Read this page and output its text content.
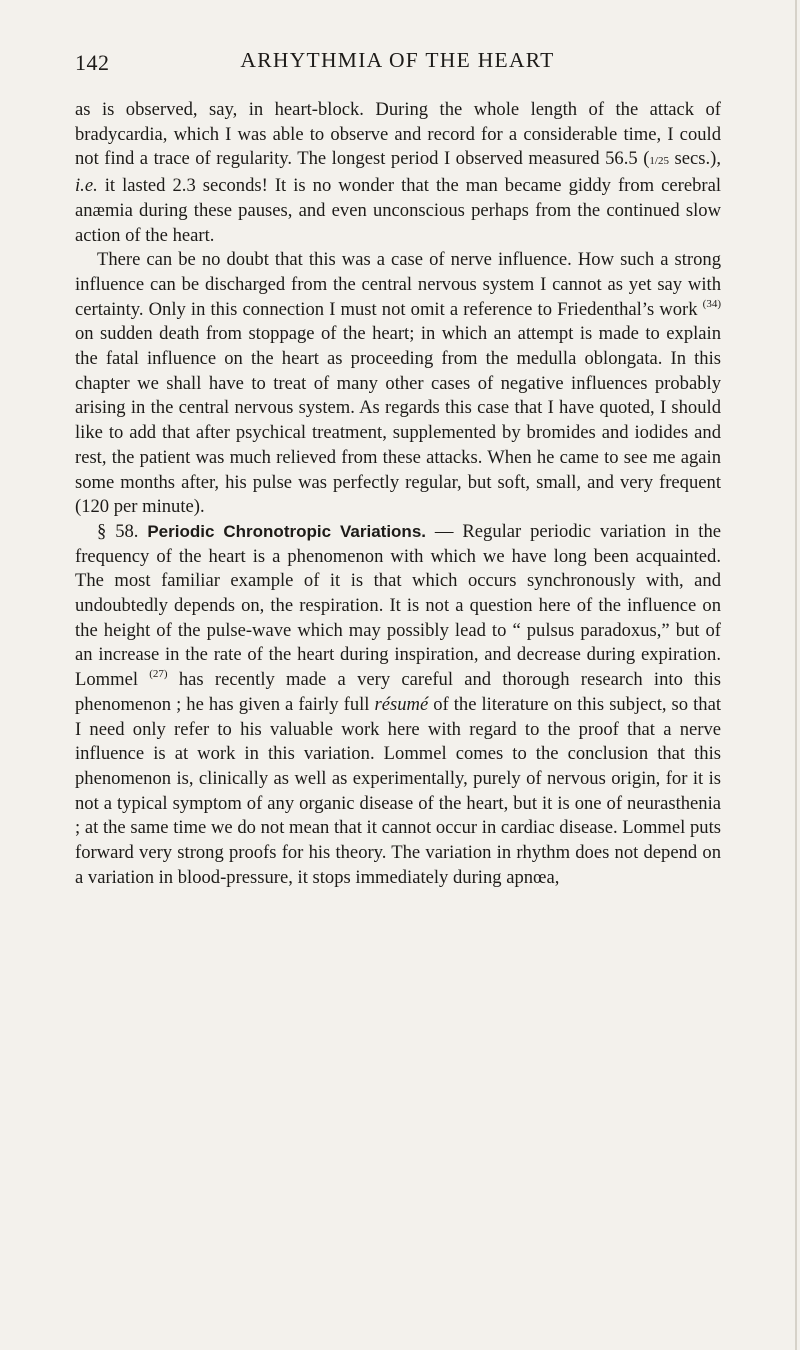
142	ARHYTHMIA OF THE HEART

as is observed, say, in heart-block. During the whole length of the attack of bradycardia, which I was able to observe and record for a considerable time, I could not find a trace of regularity. The longest period I observed measured 56.5 (1/25 secs.), i.e. it lasted 2.3 seconds! It is no wonder that the man became giddy from cerebral anæmia during these pauses, and even unconscious perhaps from the continued slow action of the heart.

There can be no doubt that this was a case of nerve influence. How such a strong influence can be discharged from the central nervous system I cannot as yet say with certainty. Only in this connection I must not omit a reference to Friedenthal’s work $^{(34)}$ on sudden death from stoppage of the heart; in which an attempt is made to explain the fatal influence on the heart as proceeding from the medulla oblongata. In this chapter we shall have to treat of many other cases of negative influences probably arising in the central nervous system. As regards this case that I have quoted, I should like to add that after psychical treatment, supplemented by bromides and iodides and rest, the patient was much relieved from these attacks. When he came to see me again some months after, his pulse was perfectly regular, but soft, small, and very frequent (120 per minute).

§ 58. Periodic Chronotropic Variations. — Regular periodic variation in the frequency of the heart is a phenomenon with which we have long been acquainted. The most familiar example of it is that which occurs synchronously with, and undoubtedly depends on, the respiration. It is not a question here of the influence on the height of the pulse-wave which may possibly lead to “ pulsus paradoxus,” but of an increase in the rate of the heart during inspiration, and decrease during expiration. Lommel $^{(27)}$ has recently made a very careful and thorough research into this phenomenon ; he has given a fairly full résumé of the literature on this subject, so that I need only refer to his valuable work here with regard to the proof that a nerve influence is at work in this variation. Lommel comes to the conclusion that this phenomenon is, clinically as well as experimentally, purely of nervous origin, for it is not a typical symptom of any organic disease of the heart, but it is one of neurasthenia ; at the same time we do not mean that it cannot occur in cardiac disease. Lommel puts forward very strong proofs for his theory. The variation in rhythm does not depend on a variation in blood-pressure, it stops immediately during apnœa,
